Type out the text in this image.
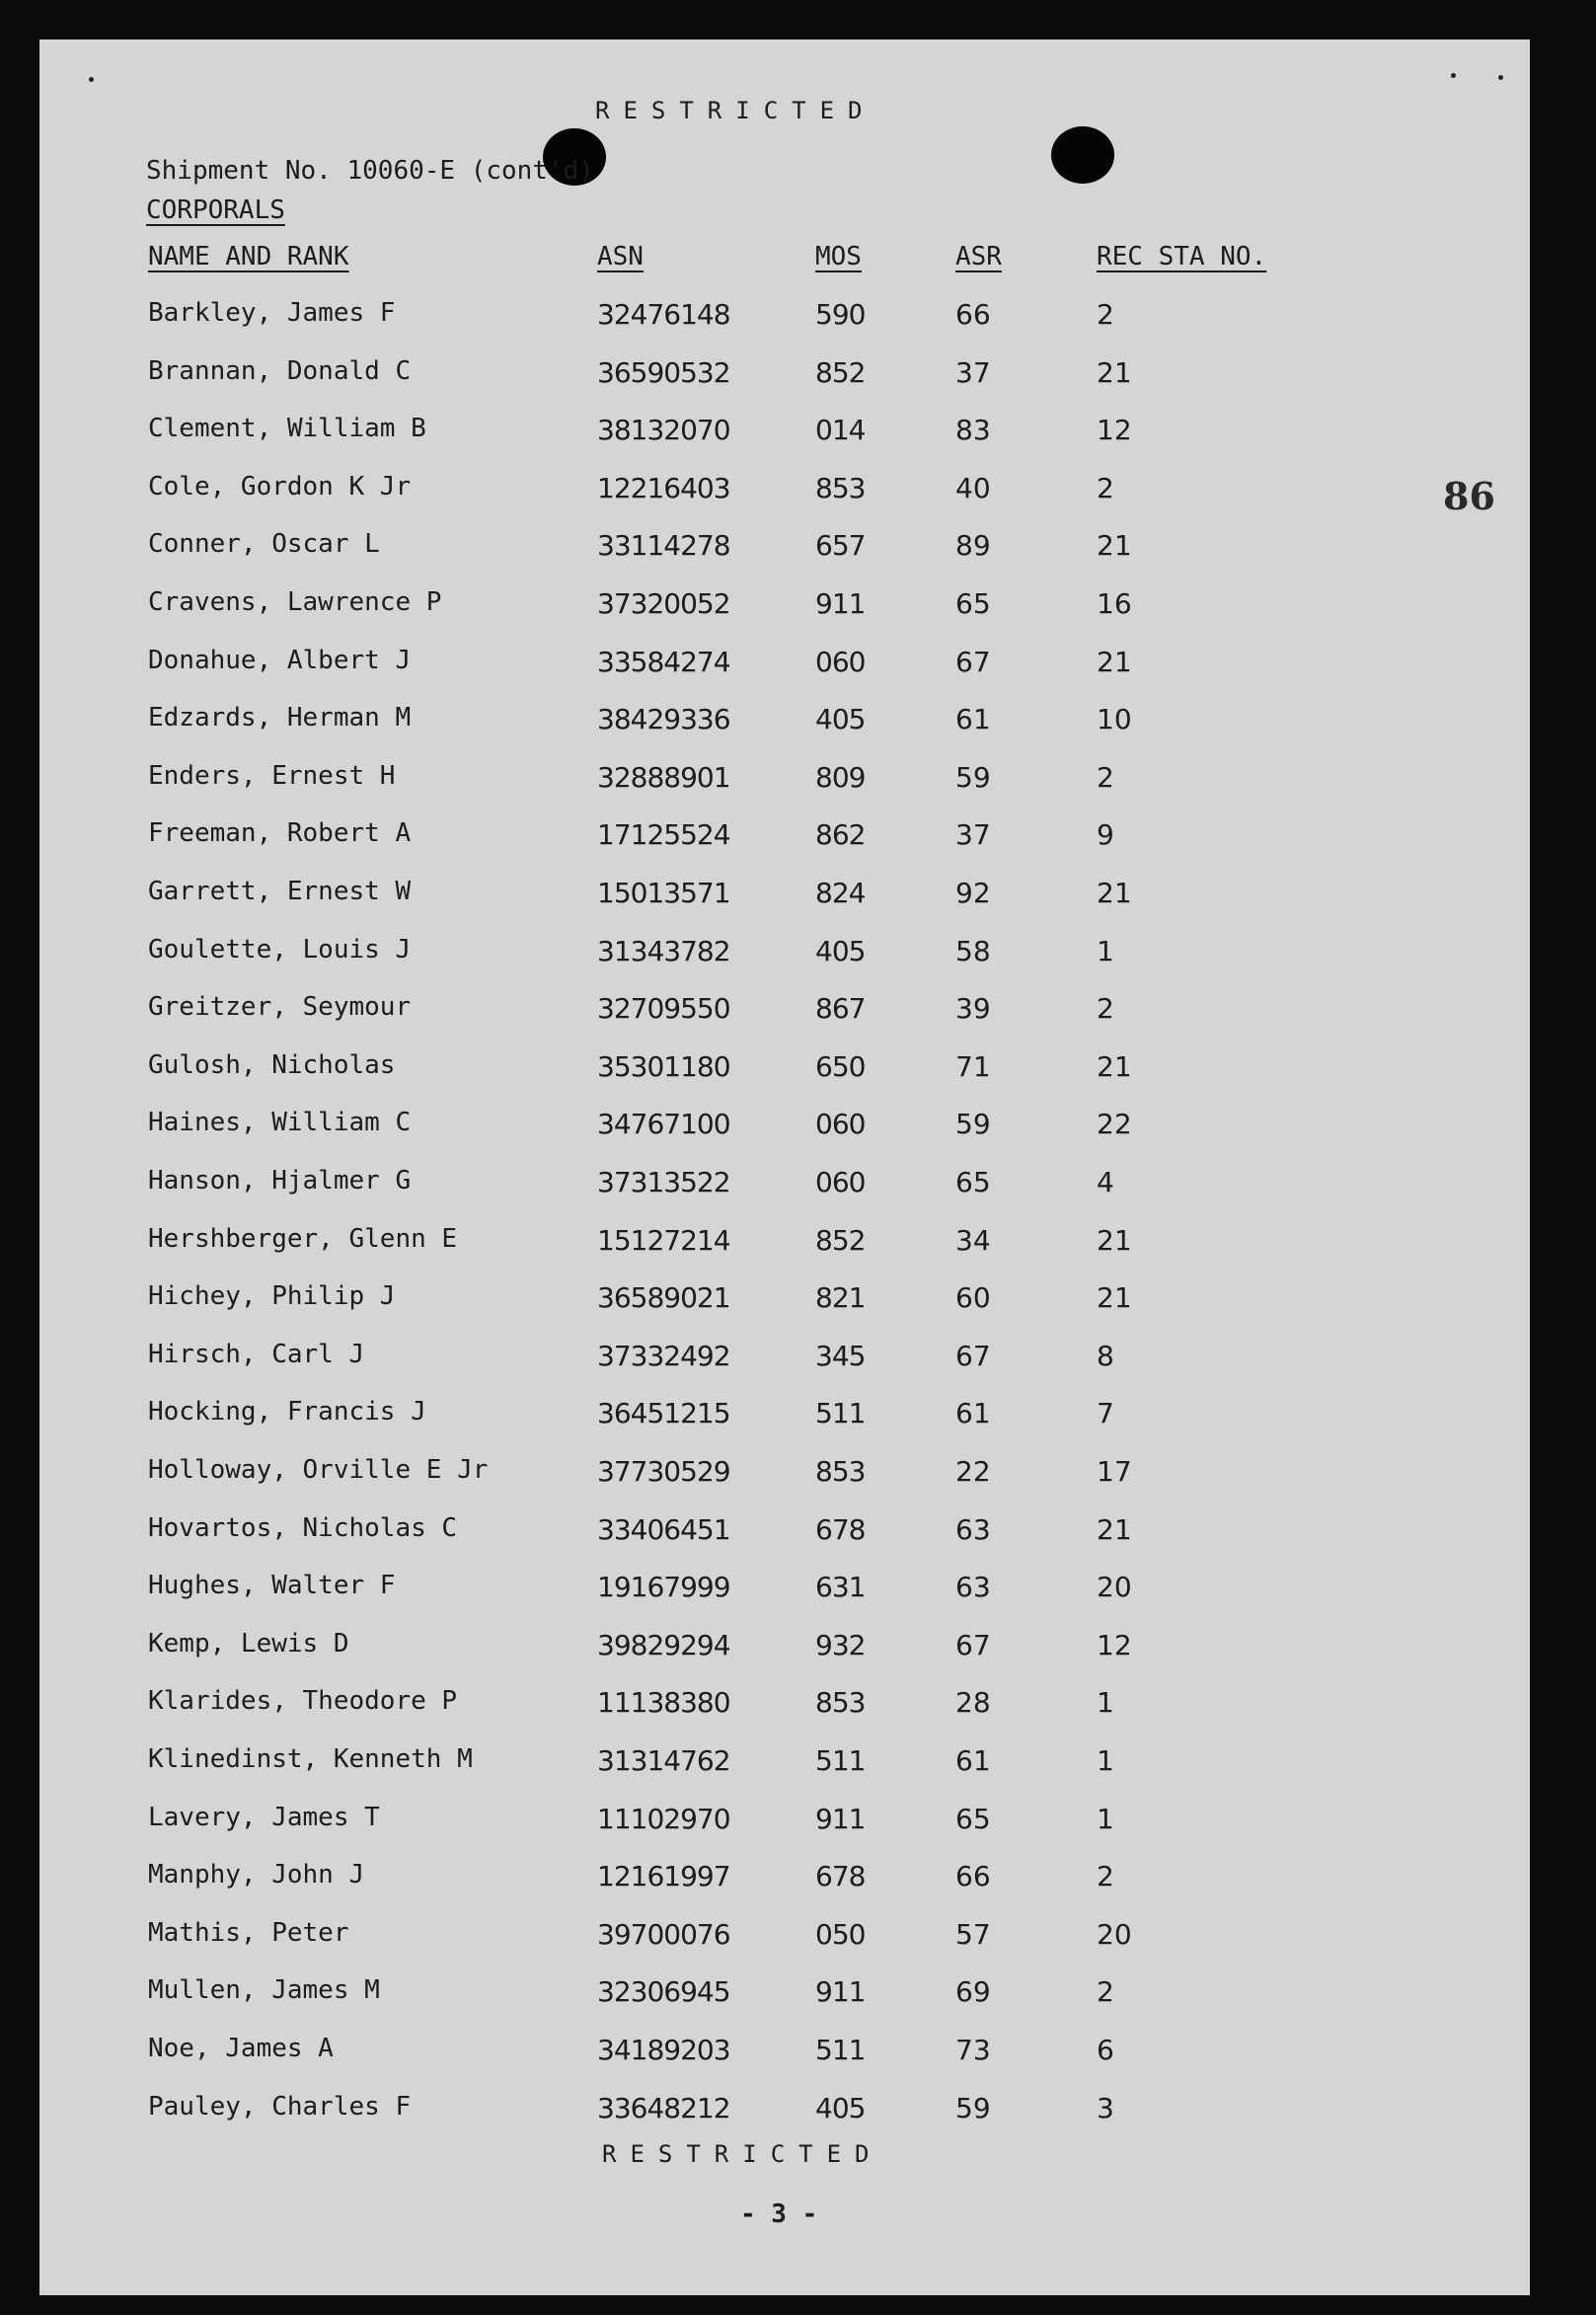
RESTRICTED
Shipment No. 10060-E (cont'd)
CORPORALS
86
NAME AND RANK	ASN	MOS	ASR	REC STA NO.
Barkley, James F	32476148	590	66	2
Brannan, Donald C	36590532	852	37	21
Clement, William B	38132070	014	83	12
Cole, Gordon K Jr	12216403	853	40	2
Conner, Oscar L	33114278	657	89	21
Cravens, Lawrence P	37320052	911	65	16
Donahue, Albert J	33584274	060	67	21
Edzards, Herman M	38429336	405	61	10
Enders, Ernest H	32888901	809	59	2
Freeman, Robert A	17125524	862	37	9
Garrett, Ernest W	15013571	824	92	21
Goulette, Louis J	31343782	405	58	1
Greitzer, Seymour	32709550	867	39	2
Gulosh, Nicholas	35301180	650	71	21
Haines, William C	34767100	060	59	22
Hanson, Hjalmer G	37313522	060	65	4
Hershberger, Glenn E	15127214	852	34	21
Hichey, Philip J	36589021	821	60	21
Hirsch, Carl J	37332492	345	67	8
Hocking, Francis J	36451215	511	61	7
Holloway, Orville E Jr	37730529	853	22	17
Hovartos, Nicholas C	33406451	678	63	21
Hughes, Walter F	19167999	631	63	20
Kemp, Lewis D	39829294	932	67	12
Klarides, Theodore P	11138380	853	28	1
Klinedinst, Kenneth M	31314762	511	61	1
Lavery, James T	11102970	911	65	1
Manphy, John J	12161997	678	66	2
Mathis, Peter	39700076	050	57	20
Mullen, James M	32306945	911	69	2
Noe, James A	34189203	511	73	6
Pauley, Charles F	33648212	405	59	3
RESTRICTED
- 3 -
